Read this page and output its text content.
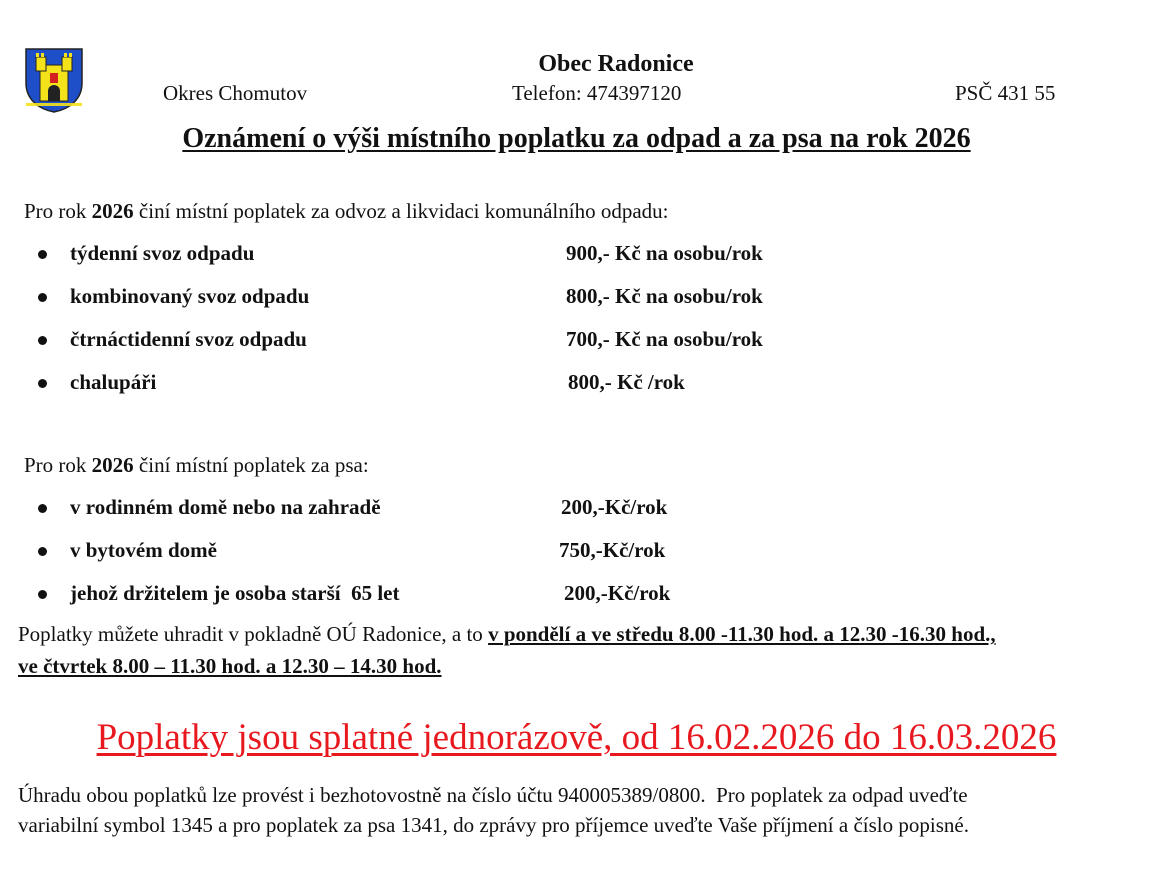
Obec Radonice
Okres Chomutov	Telefon: 474397120	PSČ 431 55
Oznámení o výši místního poplatku za odpad a za psa na rok 2026
Pro rok 2026 činí místní poplatek za odvoz a likvidaci komunálního odpadu:
týdenní svoz odpadu	900,- Kč na osobu/rok
kombinovaný svoz odpadu	800,- Kč na osobu/rok
čtrnáctidenní svoz odpadu	700,- Kč na osobu/rok
chalupáři	800,- Kč /rok
Pro rok 2026 činí místní poplatek za psa:
v rodinném domě nebo na zahradě	200,-Kč/rok
v bytovém domě	750,-Kč/rok
jehož držitelem je osoba starší  65 let	200,-Kč/rok
Poplatky můžete uhradit v pokladně OÚ Radonice, a to v pondělí a ve středu 8.00 -11.30 hod. a 12.30 -16.30 hod.,
ve čtvrtek 8.00 – 11.30 hod. a 12.30 – 14.30 hod.
Poplatky jsou splatné jednorázově, od 16.02.2026 do 16.03.2026
Úhradu obou poplatků lze provést i bezhotovostně na číslo účtu 940005389/0800.  Pro poplatek za odpad uveďte
variabilní symbol 1345 a pro poplatek za psa 1341, do zprávy pro příjemce uveďte Vaše příjmení a číslo popisné.
